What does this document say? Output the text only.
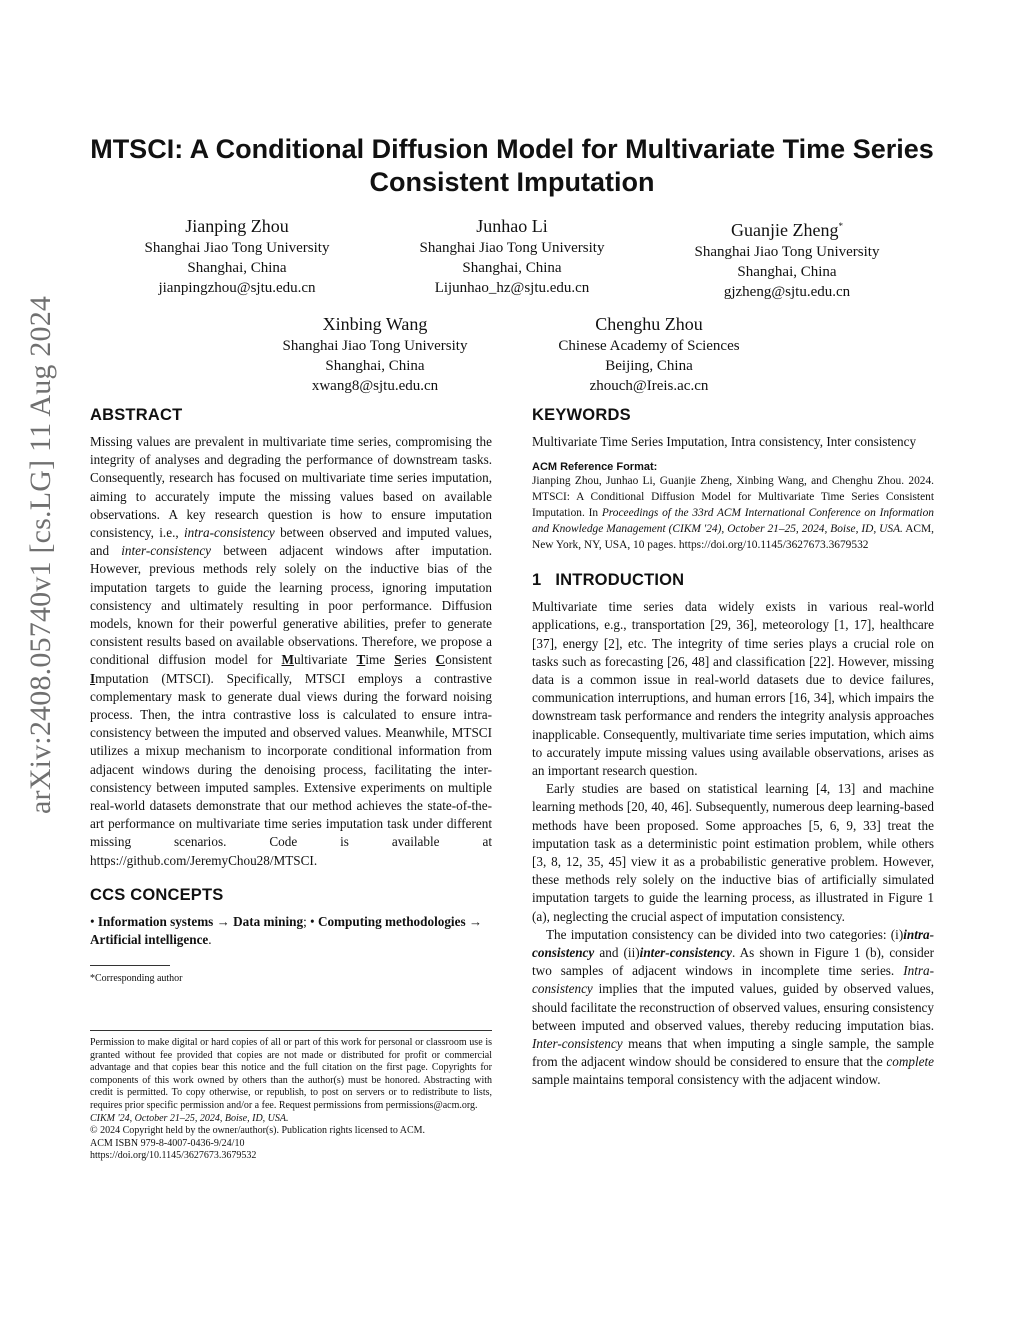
arXiv:2408.05740v1 [cs.LG] 11 Aug 2024
MTSCI: A Conditional Diffusion Model for Multivariate Time Series Consistent Imputation
Jianping Zhou
Shanghai Jiao Tong University
Shanghai, China
jianpingzhou@sjtu.edu.cn
Junhao Li
Shanghai Jiao Tong University
Shanghai, China
Lijunhao_hz@sjtu.edu.cn
Guanjie Zheng*
Shanghai Jiao Tong University
Shanghai, China
gjzheng@sjtu.edu.cn
Xinbing Wang
Shanghai Jiao Tong University
Shanghai, China
xwang8@sjtu.edu.cn
Chenghu Zhou
Chinese Academy of Sciences
Beijing, China
zhouch@Ireis.ac.cn
ABSTRACT

Missing values are prevalent in multivariate time series, compromising the integrity of analyses and degrading the performance of downstream tasks. Consequently, research has focused on multivariate time series imputation, aiming to accurately impute the missing values based on available observations. A key research question is how to ensure imputation consistency, i.e., intra-consistency between observed and imputed values, and inter-consistency between adjacent windows after imputation. However, previous methods rely solely on the inductive bias of the imputation targets to guide the learning process, ignoring imputation consistency and ultimately resulting in poor performance. Diffusion models, known for their powerful generative abilities, prefer to generate consistent results based on available observations. Therefore, we propose a conditional diffusion model for Multivariate Time Series Consistent Imputation (MTSCI). Specifically, MTSCI employs a contrastive complementary mask to generate dual views during the forward noising process. Then, the intra contrastive loss is calculated to ensure intra-consistency between the imputed and observed values. Meanwhile, MTSCI utilizes a mixup mechanism to incorporate conditional information from adjacent windows during the denoising process, facilitating the inter-consistency between imputed samples. Extensive experiments on multiple real-world datasets demonstrate that our method achieves the state-of-the-art performance on multivariate time series imputation task under different missing scenarios. Code is available at https://github.com/JeremyChou28/MTSCI.

CCS CONCEPTS
• Information systems → Data mining; • Computing methodologies → Artificial intelligence.
*Corresponding author
Permission to make digital or hard copies of all or part of this work for personal or classroom use is granted without fee provided that copies are not made or distributed for profit or commercial advantage and that copies bear this notice and the full citation on the first page. Copyrights for components of this work owned by others than the author(s) must be honored. Abstracting with credit is permitted. To copy otherwise, or republish, to post on servers or to redistribute to lists, requires prior specific permission and/or a fee. Request permissions from permissions@acm.org.
CIKM '24, October 21–25, 2024, Boise, ID, USA.
© 2024 Copyright held by the owner/author(s). Publication rights licensed to ACM.
ACM ISBN 979-8-4007-0436-9/24/10
https://doi.org/10.1145/3627673.3679532
KEYWORDS

Multivariate Time Series Imputation, Intra consistency, Inter consistency

ACM Reference Format:

Jianping Zhou, Junhao Li, Guanjie Zheng, Xinbing Wang, and Chenghu Zhou. 2024. MTSCI: A Conditional Diffusion Model for Multivariate Time Series Consistent Imputation. In Proceedings of the 33rd ACM International Conference on Information and Knowledge Management (CIKM '24), October 21–25, 2024, Boise, ID, USA. ACM, New York, NY, USA, 10 pages. https://doi.org/10.1145/3627673.3679532

1 INTRODUCTION

Multivariate time series data widely exists in various real-world applications, e.g., transportation [29, 36], meteorology [1, 17], healthcare [37], energy [2], etc. The integrity of time series plays a crucial role on tasks such as forecasting [26, 48] and classification [22]. However, missing data is a common issue in real-world datasets due to device failures, communication interruptions, and human errors [16, 34], which impairs the downstream task performance and renders the integrity analysis approaches inapplicable. Consequently, multivariate time series imputation, which aims to accurately impute missing values using available observations, arises as an important research question.

Early studies are based on statistical learning [4, 13] and machine learning methods [20, 40, 46]. Subsequently, numerous deep learning-based methods have been proposed. Some approaches [5, 6, 9, 33] treat the imputation task as a deterministic point estimation problem, while others [3, 8, 12, 35, 45] view it as a probabilistic generative problem. However, these methods rely solely on the inductive bias of artificially simulated imputation targets to guide the learning process, as illustrated in Figure 1 (a), neglecting the crucial aspect of imputation consistency.

The imputation consistency can be divided into two categories: (i)intra-consistency and (ii)inter-consistency. As shown in Figure 1 (b), consider two samples of adjacent windows in incomplete time series. Intra-consistency implies that the imputed values, guided by observed values, should facilitate the reconstruction of observed values, ensuring consistency between imputed and observed values, thereby reducing imputation bias. Inter-consistency means that when imputing a single sample, the sample from the adjacent window should be considered to ensure that the complete sample maintains temporal consistency with the adjacent window.
